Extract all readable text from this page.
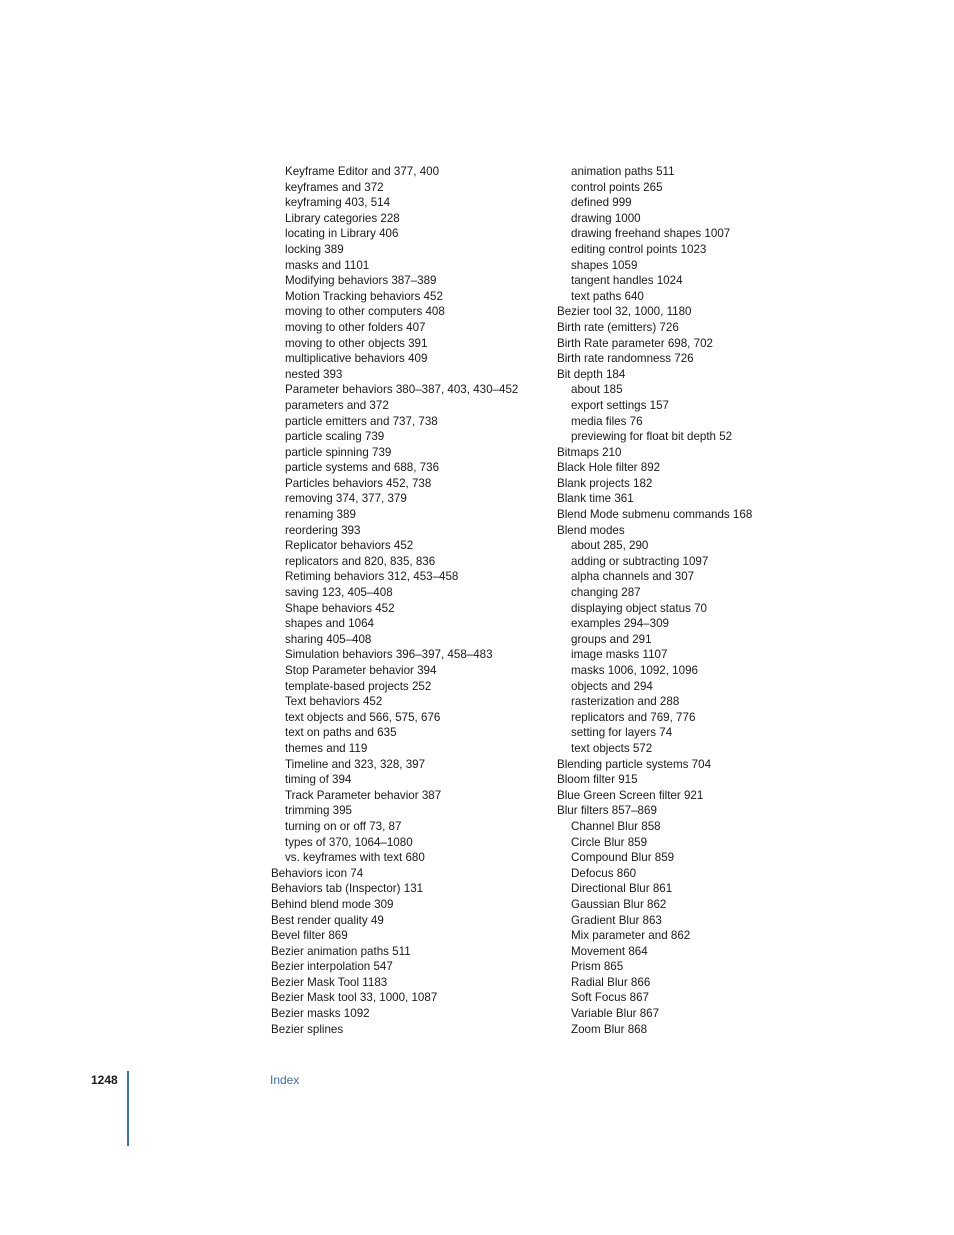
Keyframe Editor and 377, 400
keyframes and 372
keyframing 403, 514
Library categories 228
locating in Library 406
locking 389
masks and 1101
Modifying behaviors 387–389
Motion Tracking behaviors 452
moving to other computers 408
moving to other folders 407
moving to other objects 391
multiplicative behaviors 409
nested 393
Parameter behaviors 380–387, 403, 430–452
parameters and 372
particle emitters and 737, 738
particle scaling 739
particle spinning 739
particle systems and 688, 736
Particles behaviors 452, 738
removing 374, 377, 379
renaming 389
reordering 393
Replicator behaviors 452
replicators and 820, 835, 836
Retiming behaviors 312, 453–458
saving 123, 405–408
Shape behaviors 452
shapes and 1064
sharing 405–408
Simulation behaviors 396–397, 458–483
Stop Parameter behavior 394
template-based projects 252
Text behaviors 452
text objects and 566, 575, 676
text on paths and 635
themes and 119
Timeline and 323, 328, 397
timing of 394
Track Parameter behavior 387
trimming 395
turning on or off 73, 87
types of 370, 1064–1080
vs. keyframes with text 680
Behaviors icon 74
Behaviors tab (Inspector) 131
Behind blend mode 309
Best render quality 49
Bevel filter 869
Bezier animation paths 511
Bezier interpolation 547
Bezier Mask Tool 1183
Bezier Mask tool 33, 1000, 1087
Bezier masks 1092
Bezier splines
animation paths 511
control points 265
defined 999
drawing 1000
drawing freehand shapes 1007
editing control points 1023
shapes 1059
tangent handles 1024
text paths 640
Bezier tool 32, 1000, 1180
Birth rate (emitters) 726
Birth Rate parameter 698, 702
Birth rate randomness 726
Bit depth 184
about 185
export settings 157
media files 76
previewing for float bit depth 52
Bitmaps 210
Black Hole filter 892
Blank projects 182
Blank time 361
Blend Mode submenu commands 168
Blend modes
about 285, 290
adding or subtracting 1097
alpha channels and 307
changing 287
displaying object status 70
examples 294–309
groups and 291
image masks 1107
masks 1006, 1092, 1096
objects and 294
rasterization and 288
replicators and 769, 776
setting for layers 74
text objects 572
Blending particle systems 704
Bloom filter 915
Blue Green Screen filter 921
Blur filters 857–869
Channel Blur 858
Circle Blur 859
Compound Blur 859
Defocus 860
Directional Blur 861
Gaussian Blur 862
Gradient Blur 863
Mix parameter and 862
Movement 864
Prism 865
Radial Blur 866
Soft Focus 867
Variable Blur 867
Zoom Blur 868
1248	Index
